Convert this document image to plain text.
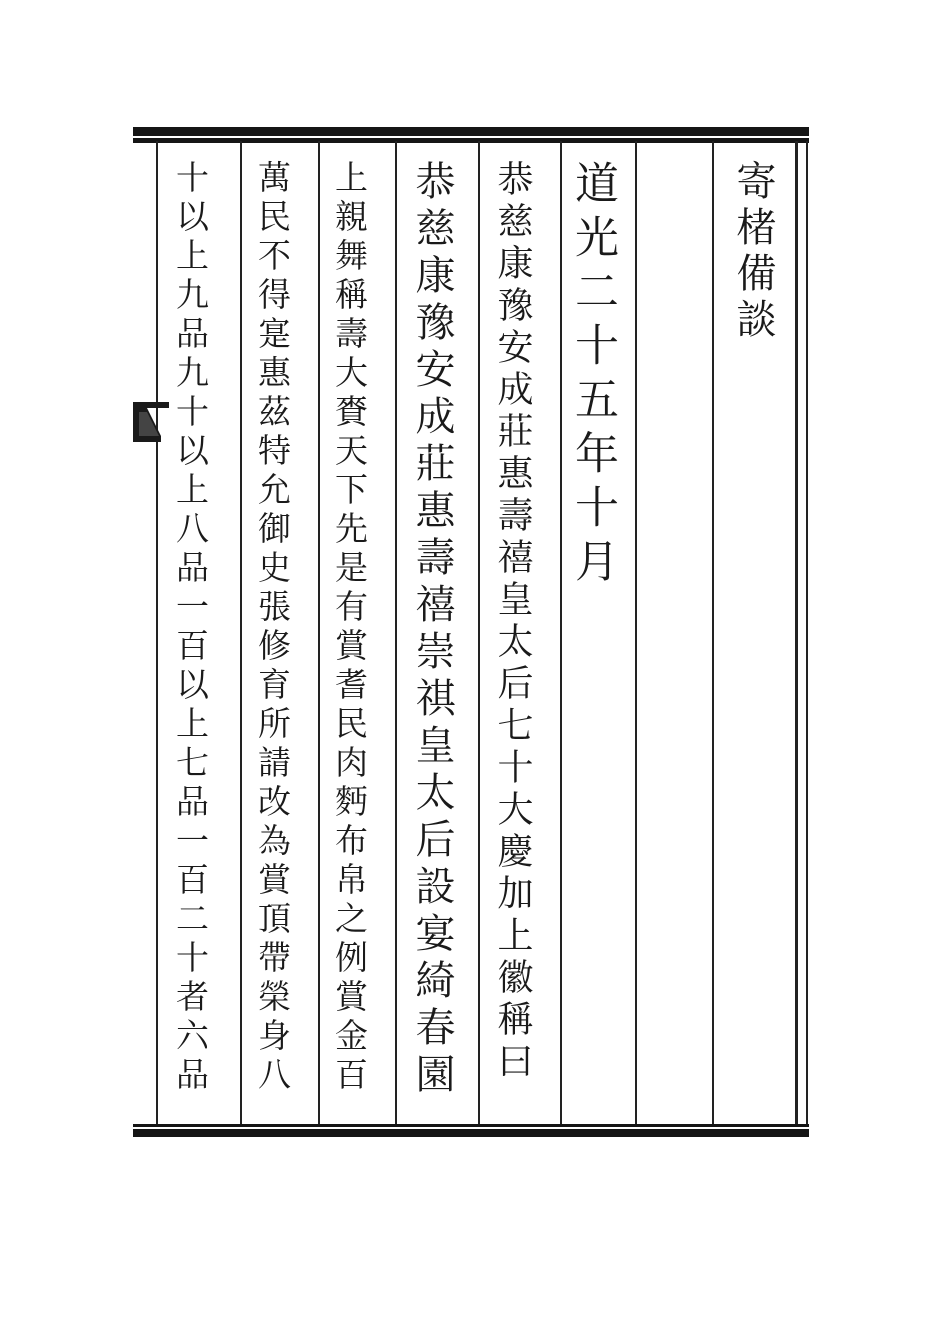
寄楮備談
道光二十五年十月
恭慈康豫安成莊惠壽禧皇太后七十大慶加上徽稱曰
恭慈康豫安成莊惠壽禧崇祺皇太后設宴綺春園
上親舞稱壽大賚天下先是有賞耆民肉麪布帛之例賞金百
萬民不得寔惠茲特允御史張修育所請改為賞頂帶榮身八
十以上九品九十以上八品一百以上七品一百二十者六品
